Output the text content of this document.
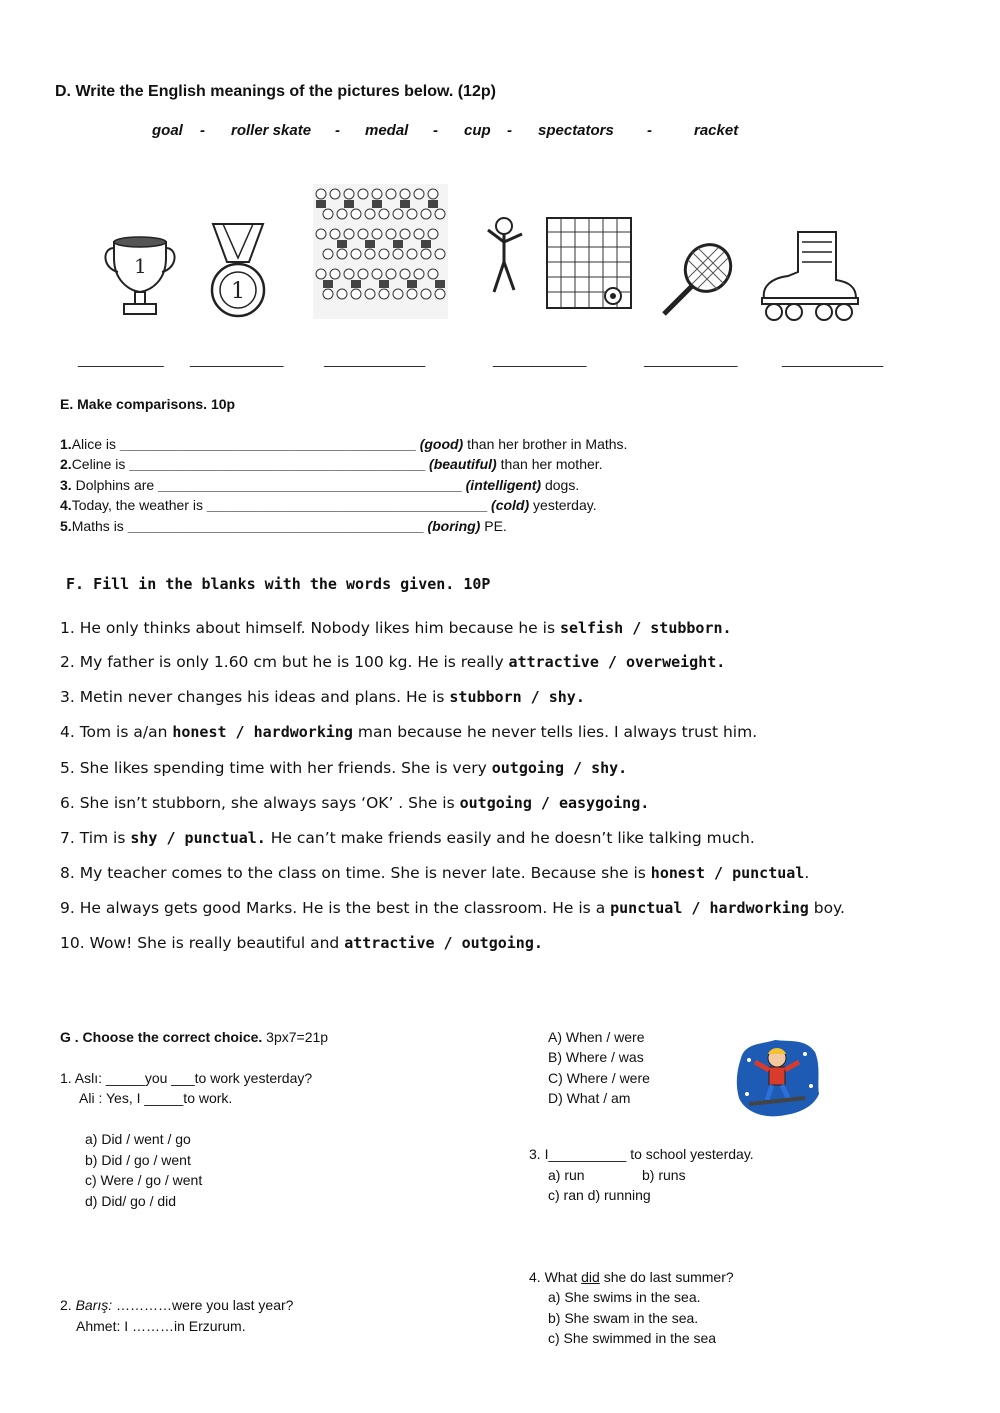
D. Write the English meanings of the pictures below. (12p)
goal - roller skate - medal - cup - spectators -	racket
1
1
___________ ____________	_____________	____________	____________	_____________
E. Make comparisons. 10p
1.Alice is ______________________________________ (good) than her brother in Maths.
2.Celine is ______________________________________ (beautiful) than her mother.
3. Dolphins are _______________________________________ (intelligent) dogs.
4.Today, the weather is ____________________________________ (cold) yesterday.
5.Maths is ______________________________________ (boring) PE.
F. Fill in the blanks with the words given. 10P
1. He only thinks about himself. Nobody likes him because he is selfish / stubborn.
2. My father is only 1.60 cm but he is 100 kg. He is really attractive / overweight.
3. Metin never changes his ideas and plans. He is stubborn / shy.
4. Tom is a/an honest / hardworking man because he never tells lies. I always trust him.
5. She likes spending time with her friends. She is very outgoing / shy.
6. She isn’t stubborn, she always says ‘OK’ . She is outgoing / easygoing.
7. Tim is shy / punctual. He can’t make friends easily and he doesn’t like talking much.
8. My teacher comes to the class on time. She is never late. Because she is honest / punctual.
9. He always gets good Marks. He is the best in the classroom. He is a punctual / hardworking boy.
10. Wow! She is really beautiful and attractive / outgoing.
G . Choose the correct choice. 3px7=21p
1. Aslı: _____you ___to work yesterday?
Ali : Yes, I _____to work.
a) Did / went / go
b) Did / go / went
c) Were / go / went
d) Did/ go / did
2. Barış: …………were you last year?
Ahmet: I ………in Erzurum.
A) When / were
B) Where / was
C) Where / were
D) What / am
3. I__________ to school yesterday.
a) run	b) runs
c) ran d) running
4. What did she do last summer?
a) She swims in the sea.
b) She swam in the sea.
c) She swimmed in the sea
